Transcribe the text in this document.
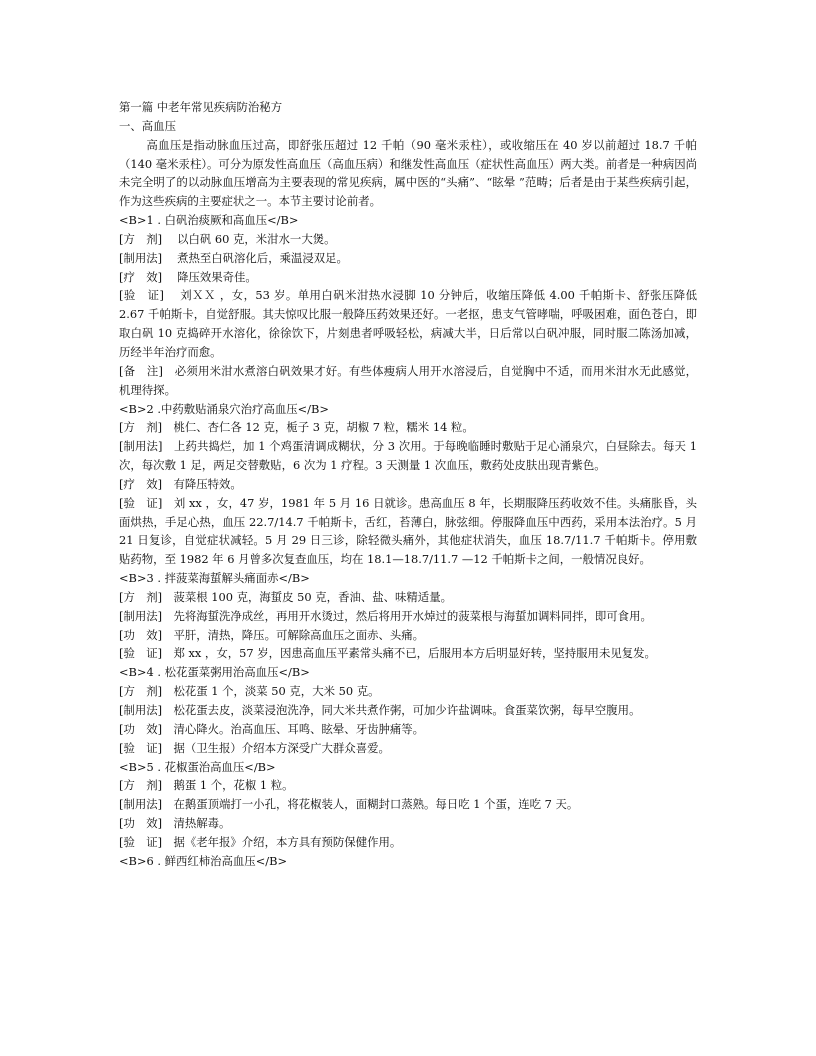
第一篇 中老年常见疾病防治秘方

一、高血压

高血压是指动脉血压过高，即舒张压超过 12 千帕（90 毫米汞柱），或收缩压在 40 岁以前超过 18.7 千帕（140 毫米汞柱）。可分为原发性高血压（高血压病）和继发性高血压（症状性高血压）两大类。前者是一种病因尚未完全明了的以动脉血压增高为主要表现的常见疾病，属中医的“头痛”、“眩晕 ”范畴；后者是由于某些疾病引起，作为这些疾病的主要症状之一。本节主要讨论前者。

<B>1 . 白矾治痰厥和高血压</B>

[方　剂]　 以白矾 60 克，米泔水一大煲。

[制用法]　 煮热至白矾溶化后，乘温浸双足。

[疗　效]　 降压效果奇佳。

[验　证]　 刘ＸＸ ，女，53 岁。单用白矾米泔热水浸脚 10 分钟后，收缩压降低 4.00 千帕斯卡、舒张压降低 2.67 千帕斯卡，自觉舒服。其夫惊叹比服一般降压药效果还好。一老抠，患支气管哮喘，呼吸困难，面色苍白，即取白矾 10 克捣碎开水溶化，徐徐饮下，片刻患者呼吸轻松，病减大半，日后常以白矾冲服，同时服二陈汤加减，历经半年治疗而愈。

[备　注]　必须用米泔水煮溶白矾效果才好。有些体瘦病人用开水溶浸后，自觉胸中不适，而用米泔水无此感觉，机理待探。

<B>2 .中药敷贴涌泉穴治疗高血压</B>

[方　剂]　桃仁、杏仁各 12 克，栀子 3 克，胡椒 7 粒，糯米 14 粒。

[制用法]　上药共捣烂，加 1 个鸡蛋清调成糊状，分 3 次用。于每晚临睡时敷贴于足心涌泉穴，白昼除去。每天 1 次，每次敷 1 足，两足交替敷贴，6 次为 1 疗程。3 天测量 1 次血压，敷药处皮肤出现青紫色。

[疗　效]　有降压特效。

[验　证]　刘 xx ，女，47 岁，1981 年 5 月 16 日就诊。患高血压 8 年，长期服降压药收效不佳。头痛胀昏，头面烘热，手足心热，血压 22.7/14.7 千帕斯卡，舌红，苔薄白，脉弦细。停服降血压中西药，采用本法治疗。5 月 21 日复诊，自觉症状减轻。5 月 29 日三诊，除轻微头痛外，其他症状消失，血压 18.7/11.7 千帕斯卡。停用敷贴药物，至 1982 年 6 月曾多次复查血压，均在 18.1—18.7/11.7 —12 千帕斯卡之间，一般情况良好。

<B>3 . 拌菠菜海蜇解头痛面赤</B>

[方　剂]　菠菜根 100 克，海蜇皮 50 克，香油、盐、味精适量。

[制用法]　先将海蜇洗净成丝，再用开水烫过，然后将用开水焯过的菠菜根与海蜇加调料同拌，即可食用。

[功　效]　平肝，清热，降压。可解除高血压之面赤、头痛。

[验　证]　郑 xx ，女，57 岁，因患高血压平素常头痛不已，后服用本方后明显好转，坚持服用未见复发。

<B>4 . 松花蛋菜粥用治高血压</B>

[方　剂]　松花蛋 1 个，淡菜 50 克，大米 50 克。

[制用法]　松花蛋去皮，淡菜浸泡洗净，同大米共煮作粥，可加少许盐调味。食蛋菜饮粥，每早空腹用。

[功　效]　清心降火。治高血压、耳鸣、眩晕、牙齿肿痛等。

[验　证]　据（卫生报）介绍本方深受广大群众喜爱。

<B>5 . 花椒蛋治高血压</B>

[方　剂]　鹅蛋 1 个，花椒 1 粒。

[制用法]　在鹅蛋顶端打一小孔，将花椒装人，面糊封口蒸熟。每日吃 1 个蛋，连吃 7 天。

[功　效]　清热解毒。

[验　证]　据《老年报》介绍，本方具有预防保健作用。

<B>6 . 鲜西红柿治高血压</B>
